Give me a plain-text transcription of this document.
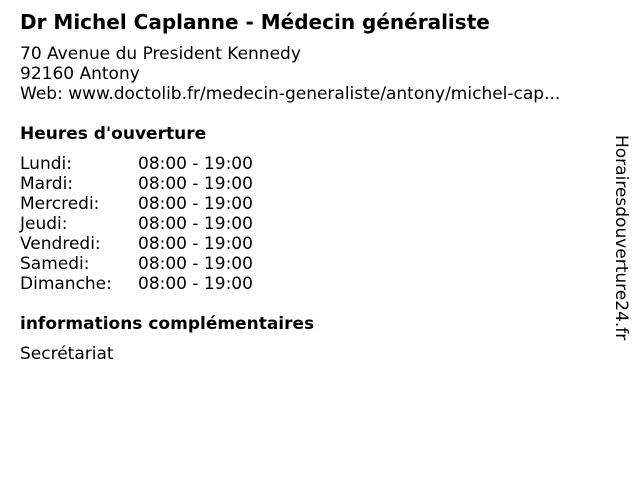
Dr Michel Caplanne - Médecin généraliste
70 Avenue du President Kennedy
92160 Antony
Web: www.doctolib.fr/medecin-generaliste/antony/michel-cap...
Heures d'ouverture
Lundi:	08:00 - 19:00
Mardi:	08:00 - 19:00
Mercredi: 08:00 - 19:00
Jeudi:	08:00 - 19:00
Vendredi: 08:00 - 19:00
Samedi:	08:00 - 19:00
Dimanche: 08:00 - 19:00
informations complémentaires
Secrétariat
Horairesdouverture24.fr
